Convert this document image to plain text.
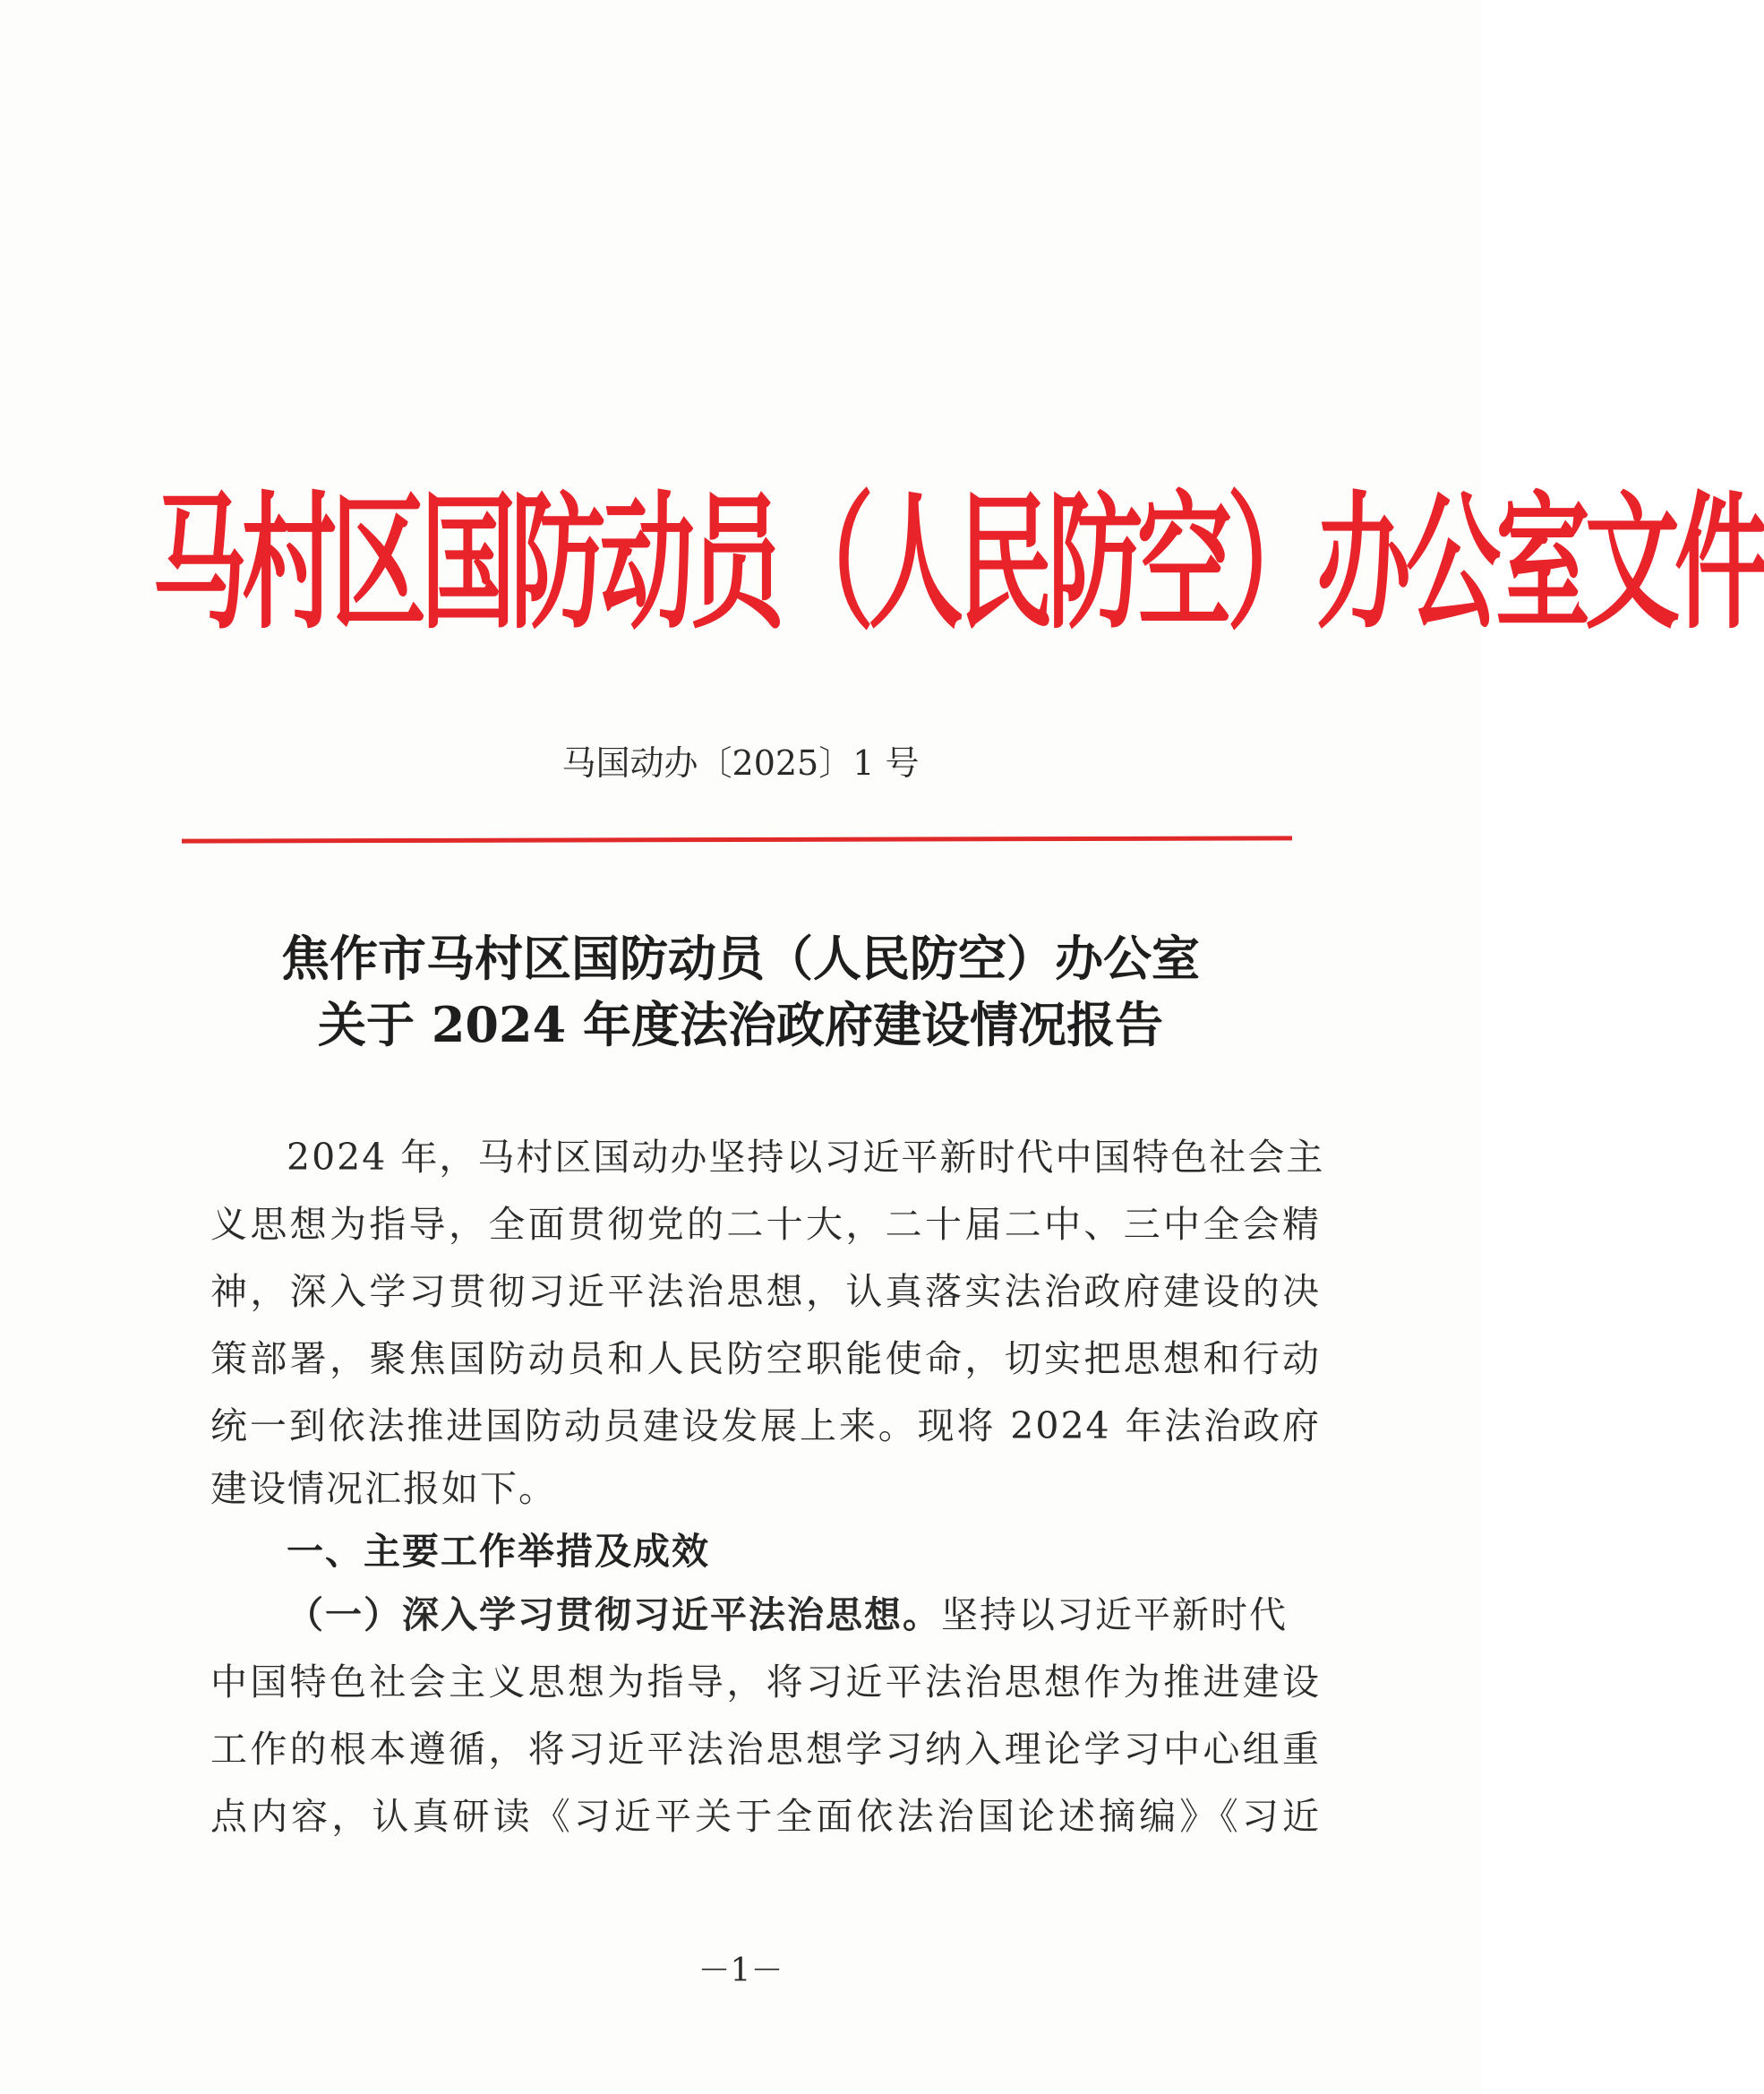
马村区国防动员（人民防空）办公室文件
马国动办〔2025〕1 号
焦作市马村区国防动员（人民防空）办公室
关于 2024 年度法治政府建设情况报告
2024 年，马村区国动办坚持以习近平新时代中国特色社会主
义思想为指导，全面贯彻党的二十大，二十届二中、三中全会精
神，深入学习贯彻习近平法治思想，认真落实法治政府建设的决
策部署，聚焦国防动员和人民防空职能使命，切实把思想和行动
统一到依法推进国防动员建设发展上来。现将 2024 年法治政府
建设情况汇报如下。
一、主要工作举措及成效
（一）深入学习贯彻习近平法治思想。坚持以习近平新时代
中国特色社会主义思想为指导，将习近平法治思想作为推进建设
工作的根本遵循，将习近平法治思想学习纳入理论学习中心组重
点内容，认真研读《习近平关于全面依法治国论述摘编》《习近
－1－
